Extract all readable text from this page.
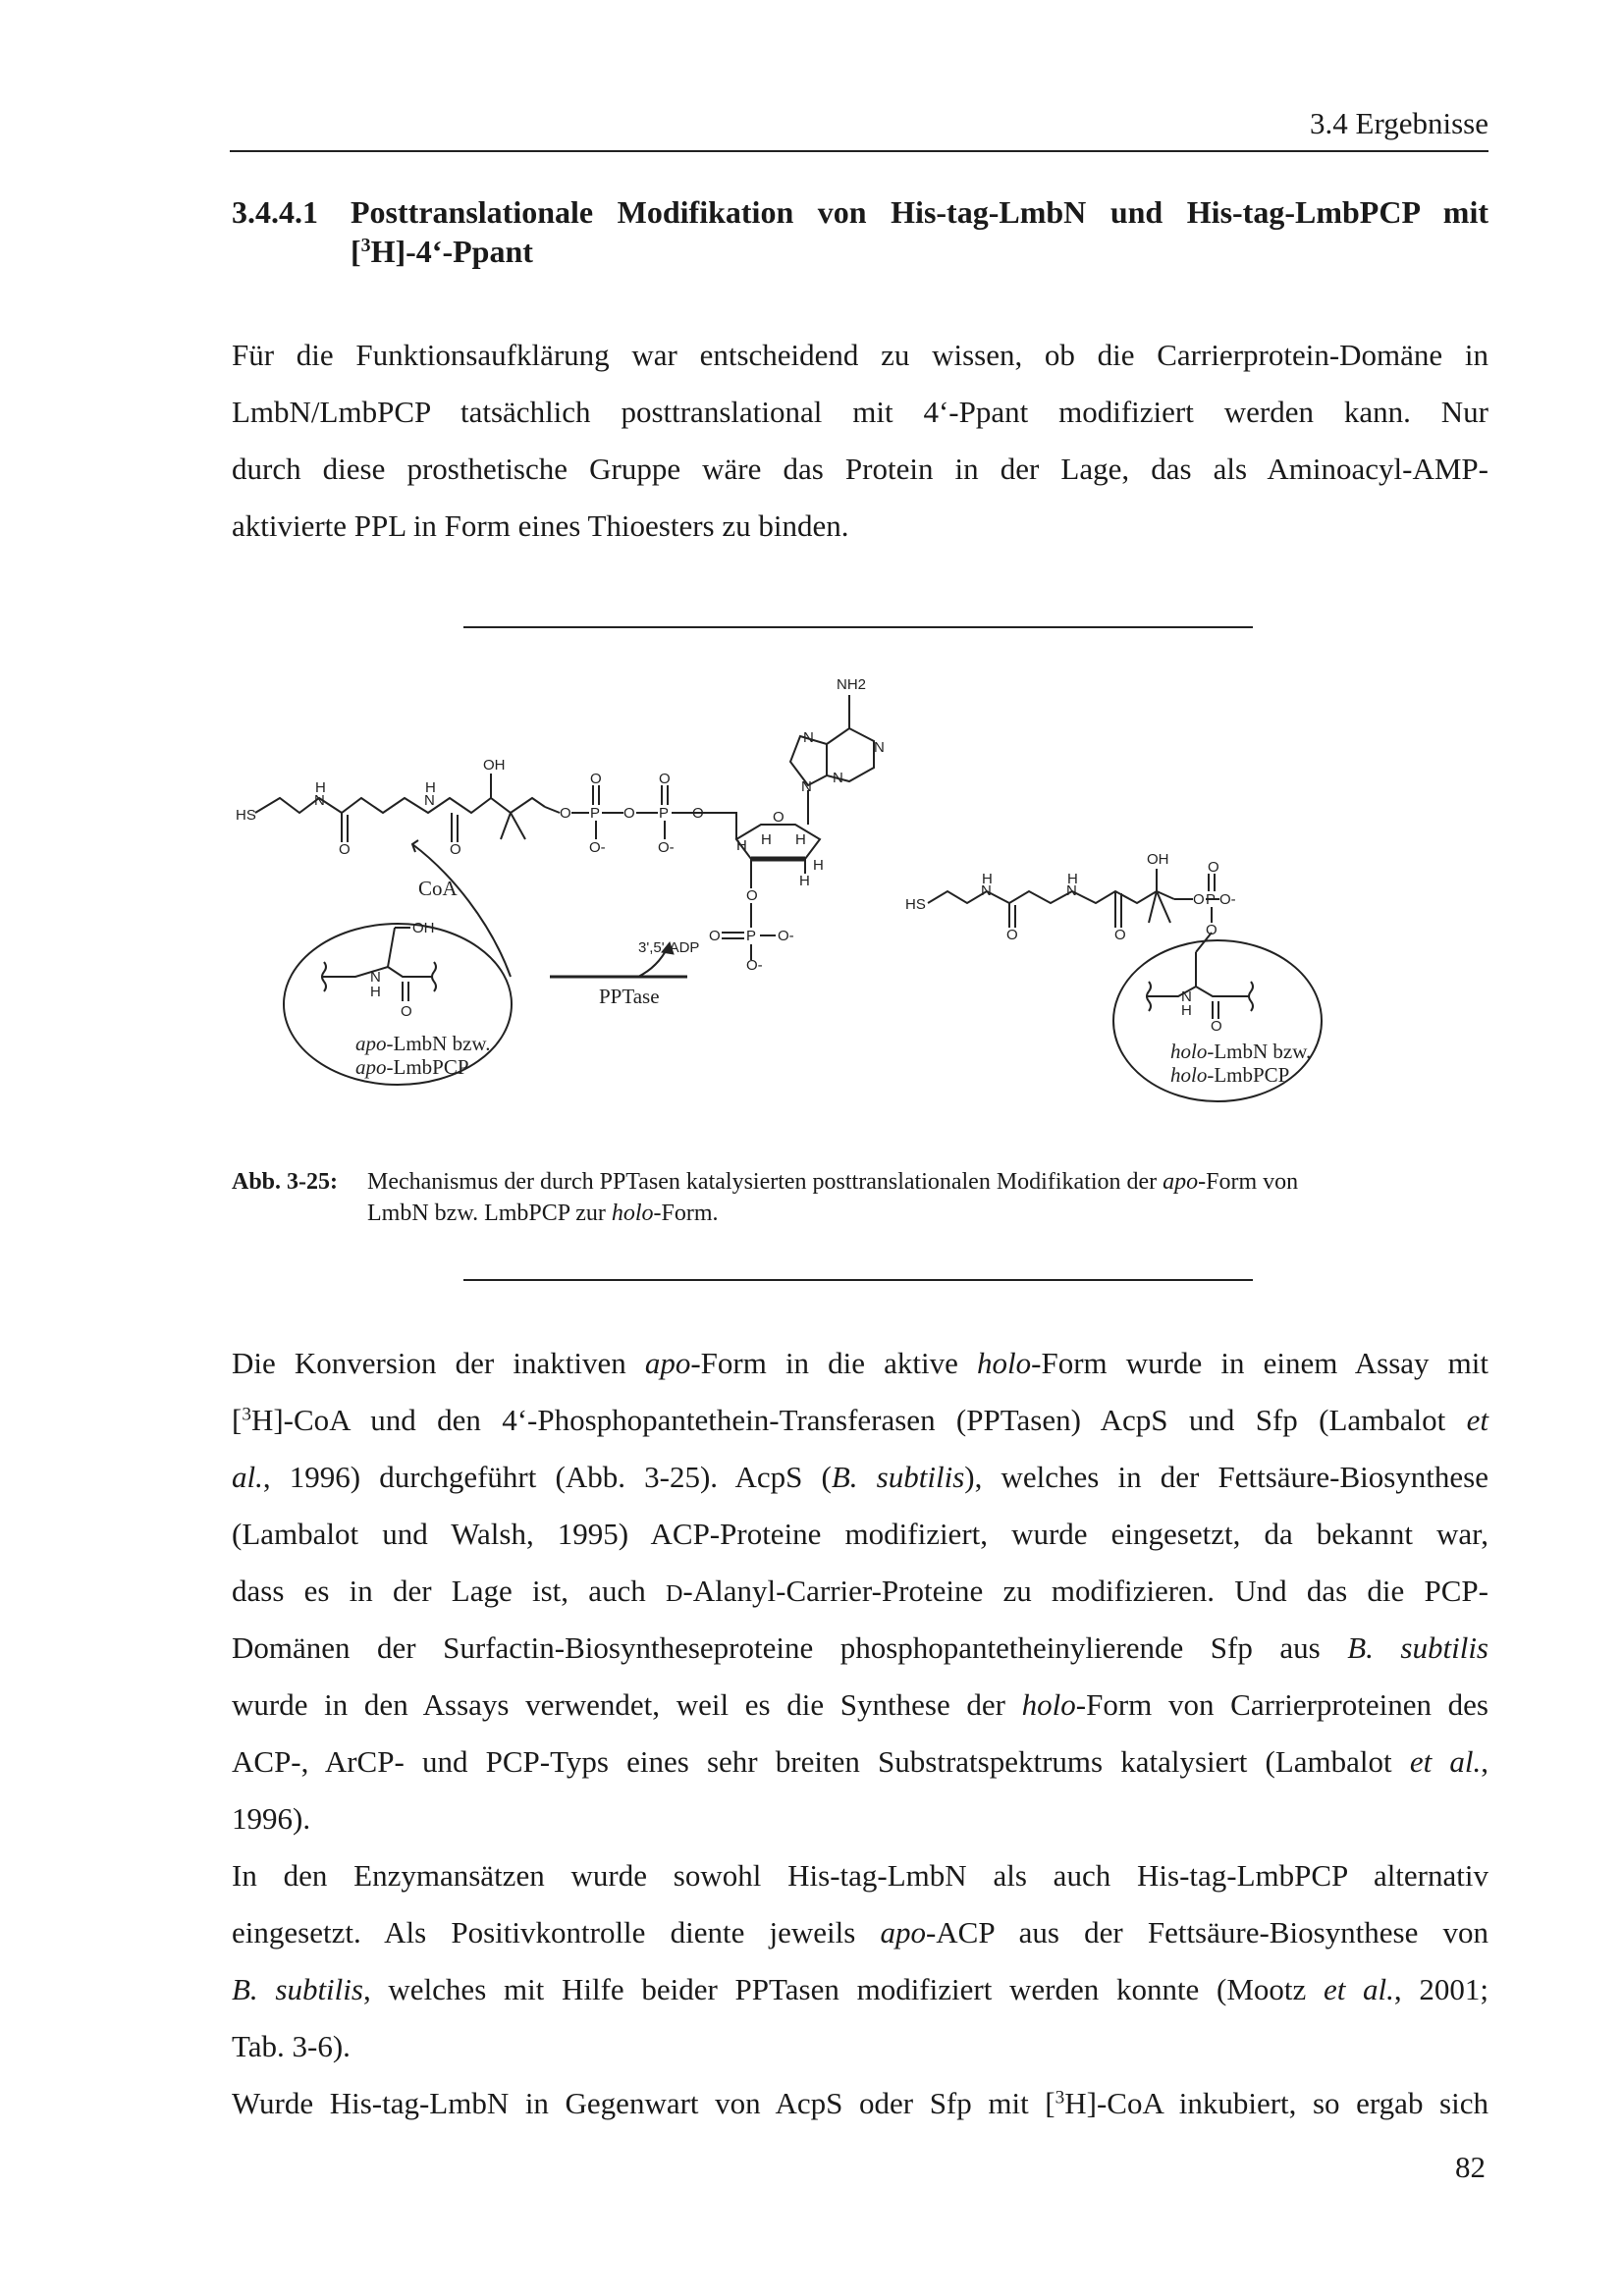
3.4 Ergebnisse
3.4.4.1 Posttranslationale Modifikation von His-tag-LmbN und His-tag-LmbPCP mit
[$^3$H]-4‘-Ppant
Für die Funktionsaufklärung war entscheidend zu wissen, ob die Carrierprotein-Domäne in
LmbN/LmbPCP tatsächlich posttranslational mit 4‘-Ppant modifiziert werden kann. Nur
durch diese prosthetische Gruppe wäre das Protein in der Lage, das als Aminoacyl-AMP-
aktivierte PPL in Form eines Thioesters zu binden.
NH2
N
N
N
N
OH
HS
H
N
H
N
O	O
O P O P O
O	O
O-	O-
O
H H H
H
H
O
O P O-
O-
OH
N
H
O
3',5'-ADP
HS
H
N
H
N
O	O
OH	O
O P O-
O
N
H
O
CoA
PPTase
apo-LmbN bzw.
apo-LmbPCP
holo-LmbN bzw.
holo-LmbPCP
Abb. 3-25: Mechanismus der durch PPTasen katalysierten posttranslationalen Modifikation der apo-Form von
LmbN bzw. LmbPCP zur holo-Form.
Die Konversion der inaktiven apo-Form in die aktive holo-Form wurde in einem Assay mit
[$^3$H]-CoA und den 4‘-Phosphopantethein-Transferasen (PPTasen) AcpS und Sfp (Lambalot et
al., 1996) durchgeführt (Abb. 3-25). AcpS (B. subtilis), welches in der Fettsäure-Biosynthese
(Lambalot und Walsh, 1995) ACP-Proteine modifiziert, wurde eingesetzt, da bekannt war,
dass es in der Lage ist, auch D-Alanyl-Carrier-Proteine zu modifizieren. Und das die PCP-
Domänen der Surfactin-Biosyntheseproteine phosphopantetheinylierende Sfp aus B. subtilis
wurde in den Assays verwendet, weil es die Synthese der holo-Form von Carrierproteinen des
ACP-, ArCP- und PCP-Typs eines sehr breiten Substratspektrums katalysiert (Lambalot et al.,
1996).
In den Enzymansätzen wurde sowohl His-tag-LmbN als auch His-tag-LmbPCP alternativ
eingesetzt. Als Positivkontrolle diente jeweils apo-ACP aus der Fettsäure-Biosynthese von
B. subtilis, welches mit Hilfe beider PPTasen modifiziert werden konnte (Mootz et al., 2001;
Tab. 3-6).
Wurde His-tag-LmbN in Gegenwart von AcpS oder Sfp mit [$^3$H]-CoA inkubiert, so ergab sich
82
